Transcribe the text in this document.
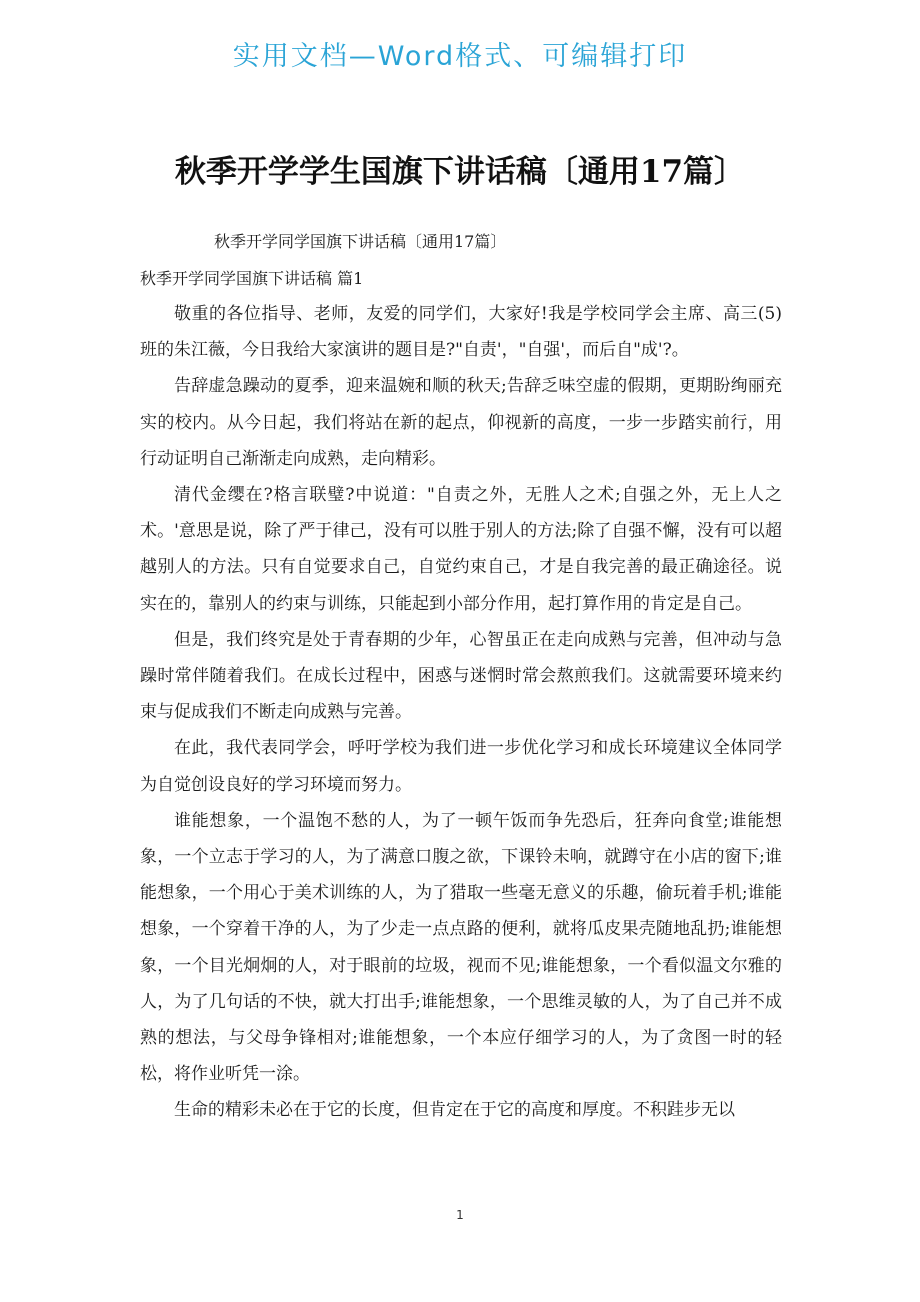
实用文档—Word格式、可编辑打印
秋季开学学生国旗下讲话稿〔通用17篇〕
秋季开学同学国旗下讲话稿〔通用17篇〕
秋季开学同学国旗下讲话稿 篇1

敬重的各位指导、老师，友爱的同学们，大家好!我是学校同学会主席、高三(5)班的朱江薇，今日我给大家演讲的题目是?"自责'，"自强'，而后自"成'?。

告辞虚急躁动的夏季，迎来温婉和顺的秋天;告辞乏味空虚的假期，更期盼绚丽充实的校内。从今日起，我们将站在新的起点，仰视新的高度，一步一步踏实前行，用行动证明自己渐渐走向成熟，走向精彩。

清代金缨在?格言联璧?中说道："自责之外，无胜人之术;自强之外，无上人之术。'意思是说，除了严于律己，没有可以胜于别人的方法;除了自强不懈，没有可以超越别人的方法。只有自觉要求自己，自觉约束自己，才是自我完善的最正确途径。说实在的，靠别人的约束与训练，只能起到小部分作用，起打算作用的肯定是自己。

但是，我们终究是处于青春期的少年，心智虽正在走向成熟与完善，但冲动与急躁时常伴随着我们。在成长过程中，困惑与迷惘时常会熬煎我们。这就需要环境来约束与促成我们不断走向成熟与完善。

在此，我代表同学会，呼吁学校为我们进一步优化学习和成长环境建议全体同学为自觉创设良好的学习环境而努力。

谁能想象，一个温饱不愁的人，为了一顿午饭而争先恐后，狂奔向食堂;谁能想象，一个立志于学习的人，为了满意口腹之欲，下课铃未响，就蹲守在小店的窗下;谁能想象，一个用心于美术训练的人，为了猎取一些毫无意义的乐趣，偷玩着手机;谁能想象，一个穿着干净的人，为了少走一点点路的便利，就将瓜皮果壳随地乱扔;谁能想象，一个目光炯炯的人，对于眼前的垃圾，视而不见;谁能想象，一个看似温文尔雅的人，为了几句话的不快，就大打出手;谁能想象，一个思维灵敏的人，为了自己并不成熟的想法，与父母争锋相对;谁能想象，一个本应仔细学习的人，为了贪图一时的轻松，将作业听凭一涂。

生命的精彩未必在于它的长度，但肯定在于它的高度和厚度。不积跬步无以

1
